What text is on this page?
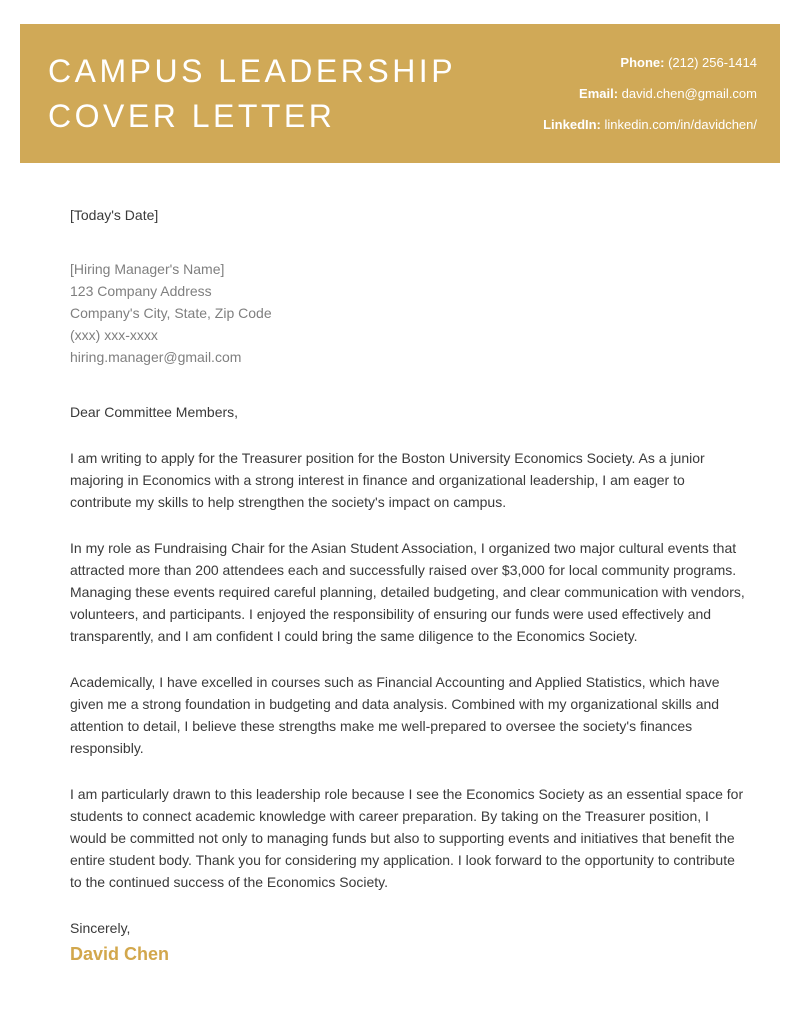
CAMPUS LEADERSHIP
COVER LETTER
Phone: (212) 256-1414
Email: david.chen@gmail.com
LinkedIn: linkedin.com/in/davidchen/
[Today's Date]
[Hiring Manager's Name]
123 Company Address
Company's City, State, Zip Code
(xxx) xxx-xxxx
hiring.manager@gmail.com
Dear Committee Members,

I am writing to apply for the Treasurer position for the Boston University Economics Society. As a junior majoring in Economics with a strong interest in finance and organizational leadership, I am eager to contribute my skills to help strengthen the society's impact on campus.

In my role as Fundraising Chair for the Asian Student Association, I organized two major cultural events that attracted more than 200 attendees each and successfully raised over $3,000 for local community programs. Managing these events required careful planning, detailed budgeting, and clear communication with vendors, volunteers, and participants. I enjoyed the responsibility of ensuring our funds were used effectively and transparently, and I am confident I could bring the same diligence to the Economics Society.

Academically, I have excelled in courses such as Financial Accounting and Applied Statistics, which have given me a strong foundation in budgeting and data analysis. Combined with my organizational skills and attention to detail, I believe these strengths make me well-prepared to oversee the society's finances responsibly.

I am particularly drawn to this leadership role because I see the Economics Society as an essential space for students to connect academic knowledge with career preparation. By taking on the Treasurer position, I would be committed not only to managing funds but also to supporting events and initiatives that benefit the entire student body. Thank you for considering my application. I look forward to the opportunity to contribute to the continued success of the Economics Society.

Sincerely,
David Chen
